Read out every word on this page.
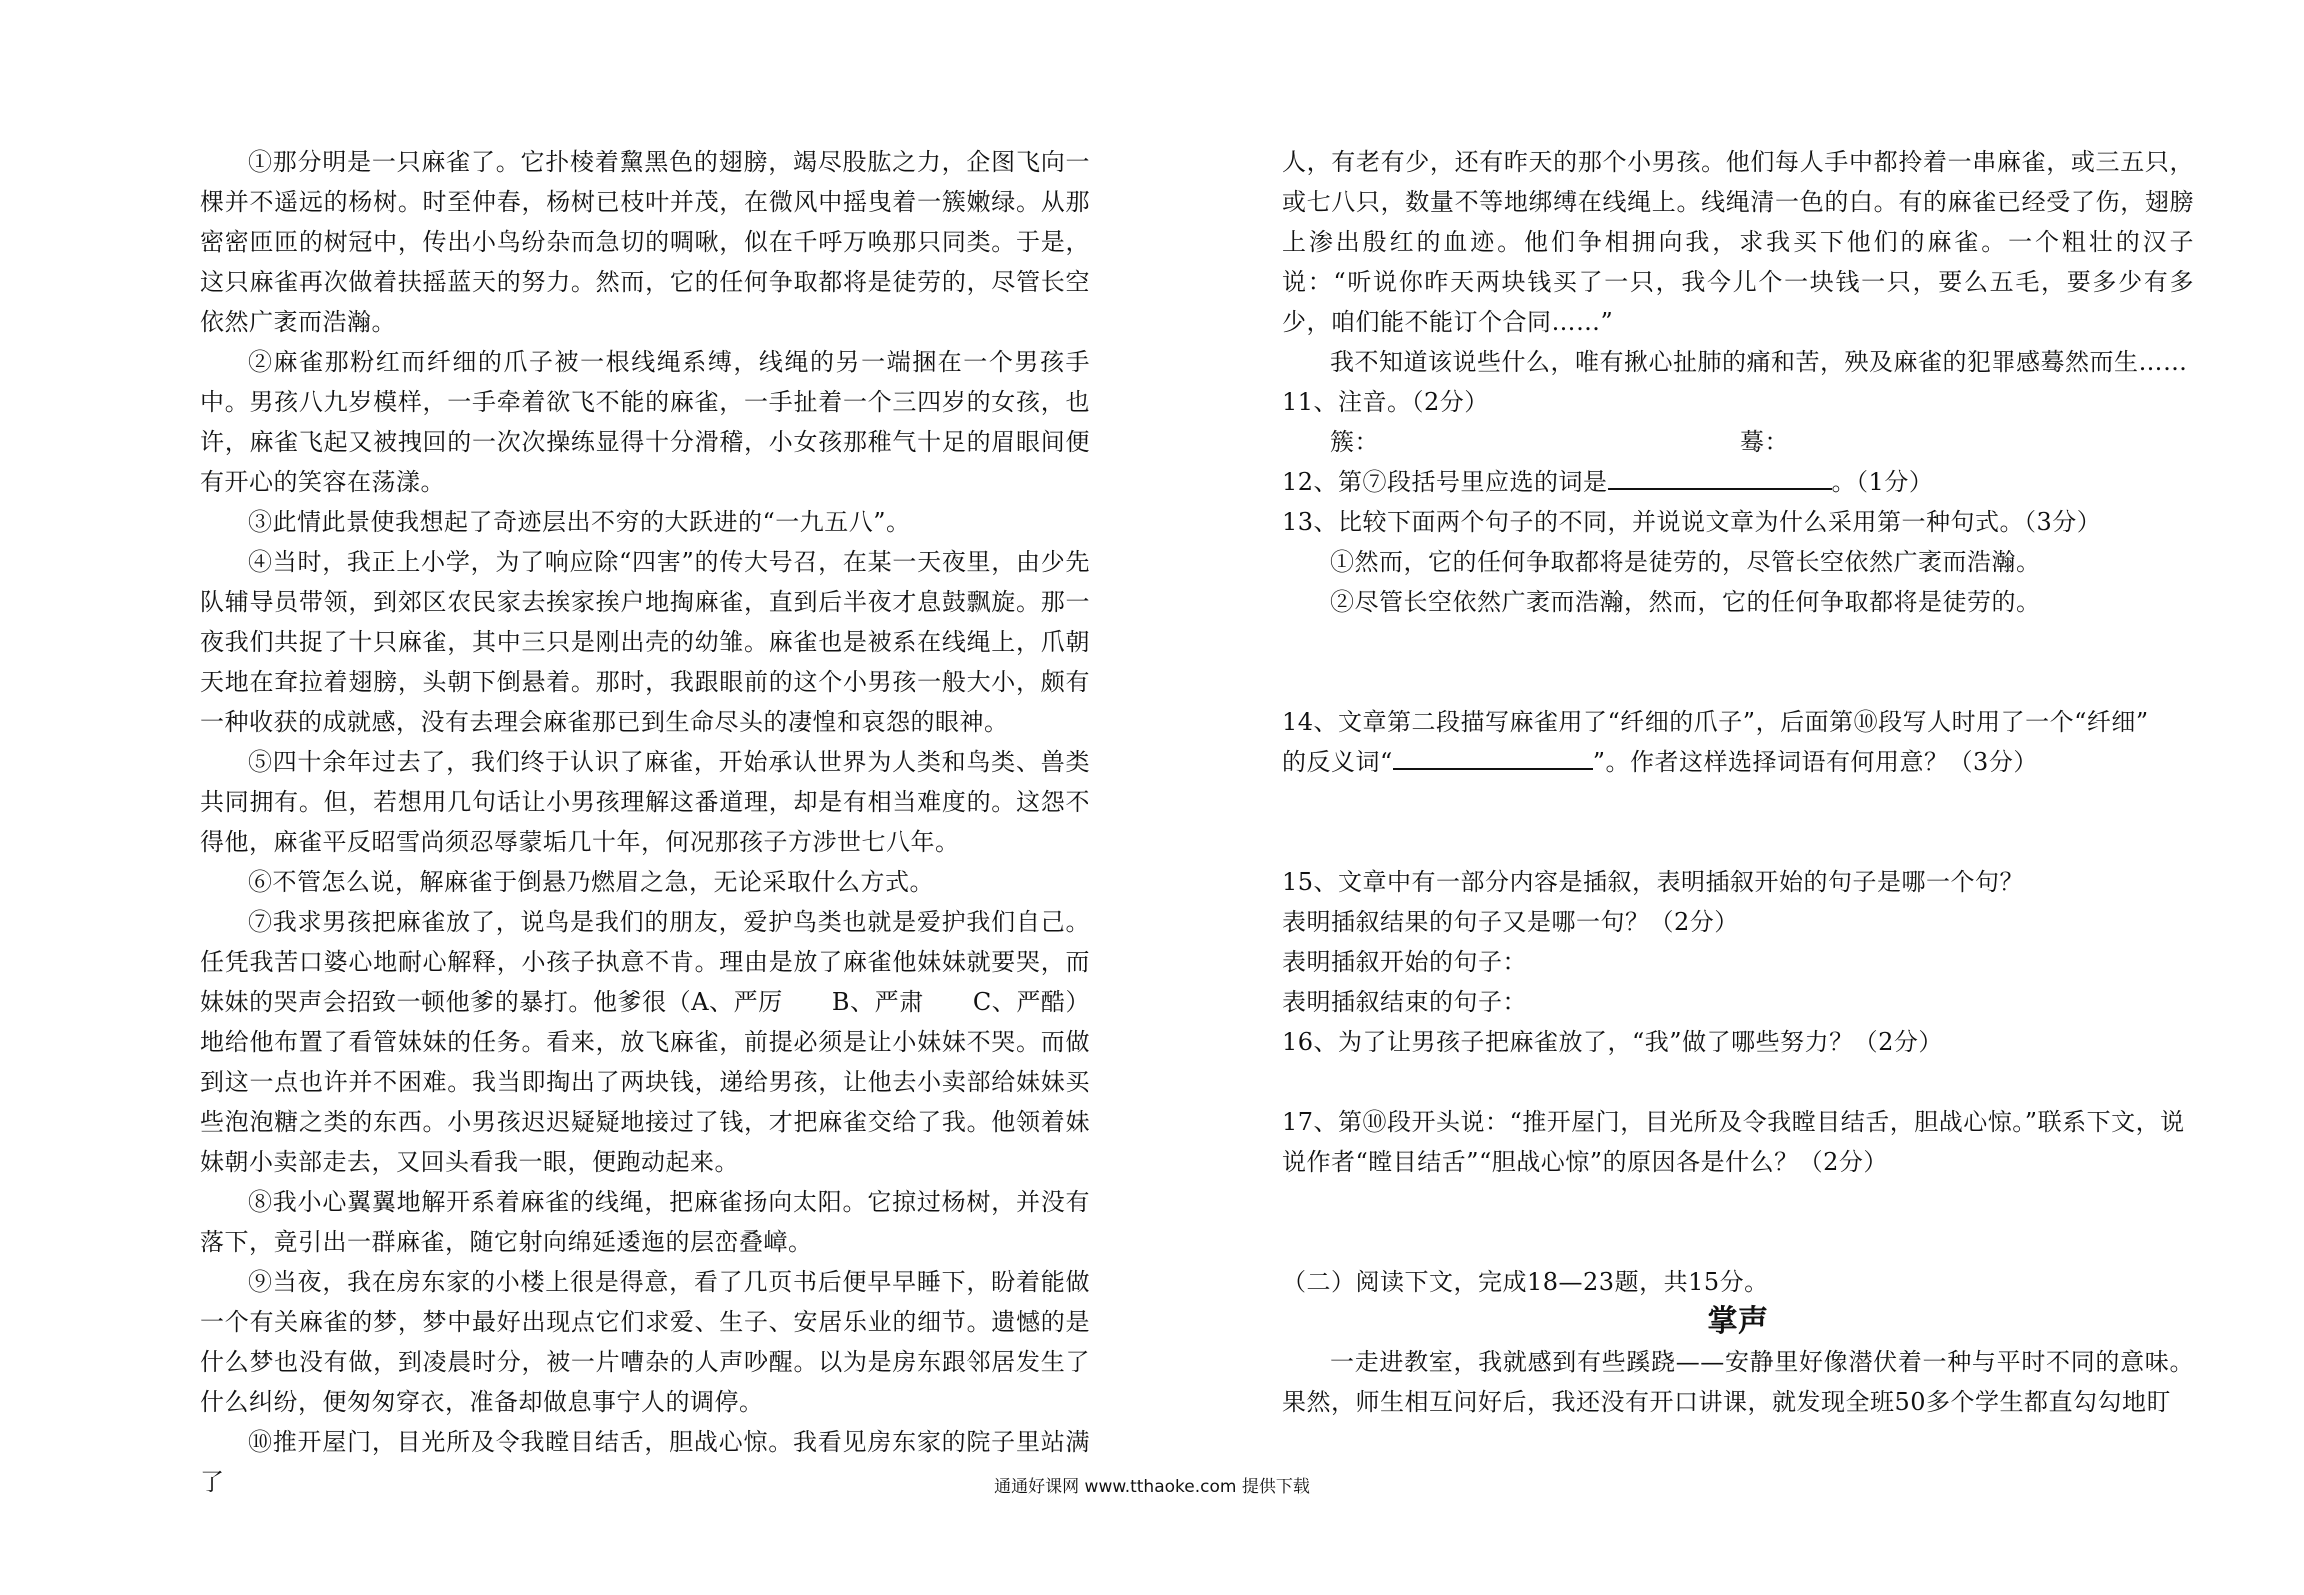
①那分明是一只麻雀了。它扑棱着黧黑色的翅膀，竭尽股肱之力，企图飞向一棵并不遥远的杨树。时至仲春，杨树已枝叶并茂，在微风中摇曳着一簇嫩绿。从那密密匝匝的树冠中，传出小鸟纷杂而急切的啁啾，似在千呼万唤那只同类。于是，这只麻雀再次做着扶摇蓝天的努力。然而，它的任何争取都将是徒劳的，尽管长空依然广袤而浩瀚。

②麻雀那粉红而纤细的爪子被一根线绳系缚，线绳的另一端捆在一个男孩手中。男孩八九岁模样，一手牵着欲飞不能的麻雀，一手扯着一个三四岁的女孩，也许，麻雀飞起又被拽回的一次次操练显得十分滑稽，小女孩那稚气十足的眉眼间便有开心的笑容在荡漾。

③此情此景使我想起了奇迹层出不穷的大跃进的“一九五八”。

④当时，我正上小学，为了响应除“四害”的传大号召，在某一天夜里，由少先队辅导员带领，到郊区农民家去挨家挨户地掏麻雀，直到后半夜才息鼓飘旋。那一夜我们共捉了十只麻雀，其中三只是刚出壳的幼雏。麻雀也是被系在线绳上，爪朝天地在耷拉着翅膀，头朝下倒悬着。那时，我跟眼前的这个小男孩一般大小，颇有一种收获的成就感，没有去理会麻雀那已到生命尽头的凄惶和哀怨的眼神。

⑤四十余年过去了，我们终于认识了麻雀，开始承认世界为人类和鸟类、兽类共同拥有。但，若想用几句话让小男孩理解这番道理，却是有相当难度的。这怨不得他，麻雀平反昭雪尚须忍辱蒙垢几十年，何况那孩子方涉世七八年。

⑥不管怎么说，解麻雀于倒悬乃燃眉之急，无论采取什么方式。

⑦我求男孩把麻雀放了，说鸟是我们的朋友，爱护鸟类也就是爱护我们自己。任凭我苦口婆心地耐心解释，小孩子执意不肯。理由是放了麻雀他妹妹就要哭，而妹妹的哭声会招致一顿他爹的暴打。他爹很（A、严厉　　B、严肃　　C、严酷）地给他布置了看管妹妹的任务。看来，放飞麻雀，前提必须是让小妹妹不哭。而做到这一点也许并不困难。我当即掏出了两块钱，递给男孩，让他去小卖部给妹妹买些泡泡糖之类的东西。小男孩迟迟疑疑地接过了钱，才把麻雀交给了我。他领着妹妹朝小卖部走去，又回头看我一眼，便跑动起来。

⑧我小心翼翼地解开系着麻雀的线绳，把麻雀扬向太阳。它掠过杨树，并没有落下，竟引出一群麻雀，随它射向绵延逶迤的层峦叠嶂。

⑨当夜，我在房东家的小楼上很是得意，看了几页书后便早早睡下，盼着能做一个有关麻雀的梦，梦中最好出现点它们求爱、生子、安居乐业的细节。遗憾的是什么梦也没有做，到凌晨时分，被一片嘈杂的人声吵醒。以为是房东跟邻居发生了什么纠纷，便匆匆穿衣，准备却做息事宁人的调停。

⑩推开屋门，目光所及令我瞠目结舌，胆战心惊。我看见房东家的院子里站满了

人，有老有少，还有昨天的那个小男孩。他们每人手中都拎着一串麻雀，或三五只，或七八只，数量不等地绑缚在线绳上。线绳清一色的白。有的麻雀已经受了伤，翅膀上渗出殷红的血迹。他们争相拥向我，求我买下他们的麻雀。一个粗壮的汉子说：“听说你昨天两块钱买了一只，我今儿个一块钱一只，要么五毛，要多少有多少，咱们能不能订个合同……”

我不知道该说些什么，唯有揪心扯肺的痛和苦，殃及麻雀的犯罪感蓦然而生……

11、注音。（2分）

簇：	蓦：

12、第⑦段括号里应选的词是	。（1分）

13、比较下面两个句子的不同，并说说文章为什么采用第一种句式。（3分）

①然而，它的任何争取都将是徒劳的，尽管长空依然广袤而浩瀚。

②尽管长空依然广袤而浩瀚，然而，它的任何争取都将是徒劳的。

14、文章第二段描写麻雀用了“纤细的爪子”，后面第⑩段写人时用了一个“纤细”

的反义词“	”。作者这样选择词语有何用意？（3分）

15、文章中有一部分内容是插叙，表明插叙开始的句子是哪一个句？

表明插叙结果的句子又是哪一句？（2分）

表明插叙开始的句子：

表明插叙结束的句子：

16、为了让男孩子把麻雀放了，“我”做了哪些努力？（2分）

17、第⑩段开头说：“推开屋门，目光所及令我瞠目结舌，胆战心惊。”联系下文，说

说作者“瞠目结舌”“胆战心惊”的原因各是什么？（2分）

（二）阅读下文，完成18—23题，共15分。

掌声

一走进教室，我就感到有些蹊跷——安静里好像潜伏着一种与平时不同的意味。果然，师生相互问好后，我还没有开口讲课，就发现全班50多个学生都直勾勾地盯

通通好课网 www.tthaoke.com 提供下载
